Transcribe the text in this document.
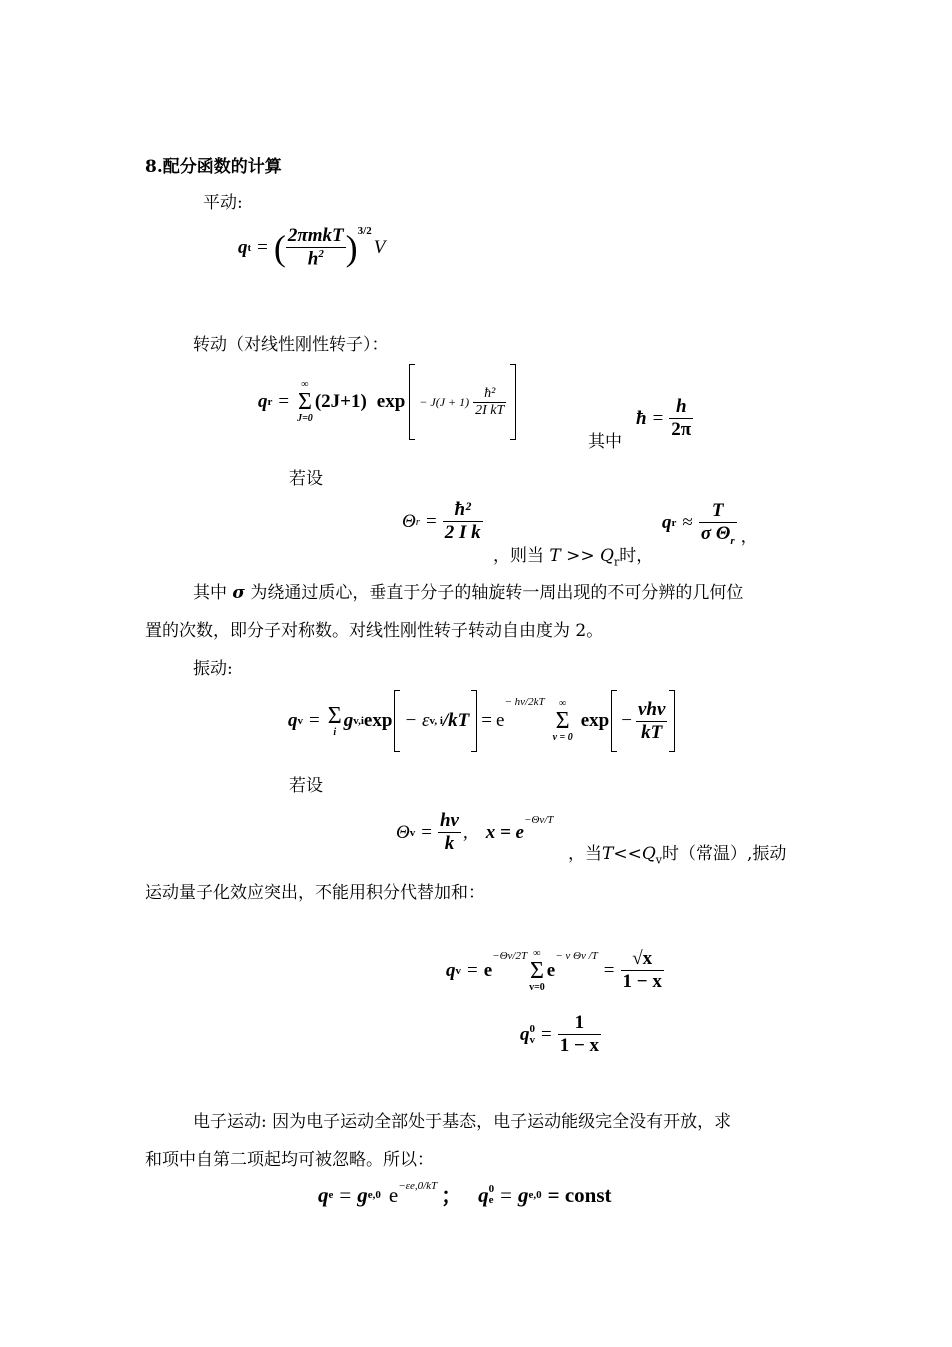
8.配分函数的计算
平动:
q t = ( $\frac{\text{2πmkT}}{h^2} )^{3/2}$
V
转动（对线性刚性转子）：
q r =
∞
Σ
J=0
(2J+1) $\exp - J(J + 1) \frac{\text{ħ²}}{\text{2I kT}}$
其中
ħ = $\frac{h}{2\pi}$
若设
Θ $r = \frac{\text{ħ²}}{\text{2 I k}}$
，则当 $T >> Q_r$时，
q $r \approx \frac{T}{\sigma \Theta_r}$ ，
其中 σ 为绕通过质心，垂直于分子的轴旋转一周出现的不可分辨的几何位
置的次数，即分子对称数。对线性刚性转子转动自由度为 2。
振动:
q v = Σ
i
g v,i exp − ε v, i /kT = e
− hv/2kT ∞
Σ
v = 0
$\exp - \frac{\text{vhv}}{kT}$
若设
Θ $v = \frac{hv}{k}$ , x = e
$^{-\Theta v/T}$
，当$T<<Q_v$时（常温）,振动
运动量子化效应突出，不能用积分代替加和：
q v = e
$^{-\Theta v/2T}$ ∞
Σ
v=0
e
$^{- v \Theta v /T}$
= $\frac{√x}{1 - x}$
q 0
$v = \frac{1}{1 - x}$
电子运动: 因为电子运动全部处于基态，电子运动能级完全没有开放，求
和项中自第二项起均可被忽略。所以：
q e = g e,0 $e^{-\varepsilon e,0/kT}$ ； q 0
e = g e,0 = const
